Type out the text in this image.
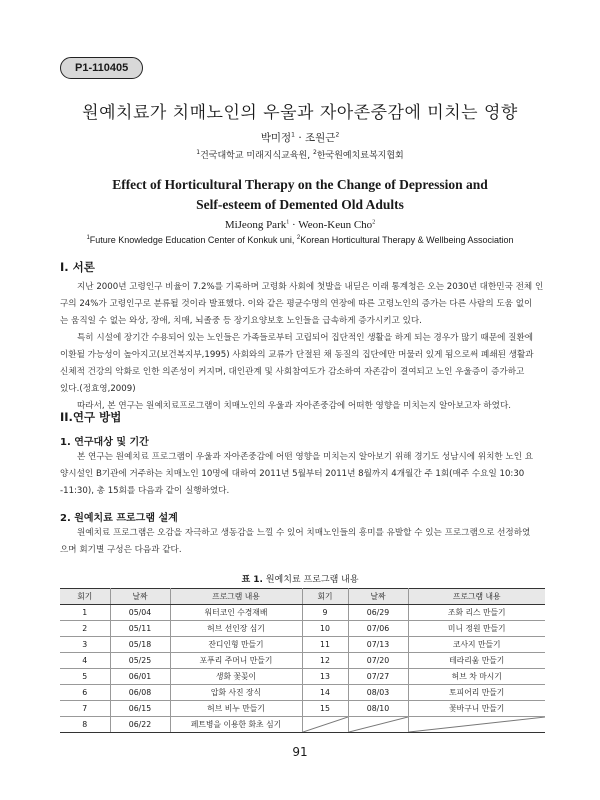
P1-110405
원예치료가 치매노인의 우울과 자아존중감에 미치는 영향
박미정$^1$ · 조원근$^2$
$^1$건국대학교 미래지식교육원, $^2$한국원예치료복지협회
Effect of Horticultural Therapy on the Change of Depression and
Self-esteem of Demented Old Adults
MiJeong Park$^1$ · Weon-Keun Cho$^2$
$^1$Future Knowledge Education Center of Konkuk uni, $^2$Korean Horticultural Therapy & Wellbeing Association
I. 서론
지난 2000년 고령인구 비율이 7.2%를 기록하며 고령화 사회에 첫발을 내딛은 이래 통계청은 오는 2030년 대한민국 전체 인
구의 24%가 고령인구로 분류될 것이라 발표했다. 이와 같은 평균수명의 연장에 따른 고령노인의 증가는 다른 사람의 도움 없이
는 움직일 수 없는 와상, 장애, 치매, 뇌졸중 등 장기요양보호 노인들을 급속하게 증가시키고 있다.
특히 시설에 장기간 수용되어 있는 노인들은 가족들로부터 고립되어 집단적인 생활을 하게 되는 경우가 많기 때문에 질환에
이환될 가능성이 높아지고(보건복지부,1995) 사회와의 교류가 단절된 채 동질의 집단에만 머물러 있게 됨으로써 폐쇄된 생활과
신체적 건강의 악화로 인한 의존성이 커지며, 대인관계 및 사회참여도가 감소하여 자존감이 결여되고 노인 우울증이 증가하고
있다.(정효영,2009)
따라서, 본 연구는 원예치료프로그램이 치매노인의 우울과 자아존중감에 어떠한 영향을 미치는지 알아보고자 하였다.
II.연구 방법
1. 연구대상 및 기간
본 연구는 원예치료 프로그램이 우울과 자아존중감에 어떤 영향을 미치는지 알아보기 위해 경기도 성남시에 위치한 노인 요
양시설인 B기관에 거주하는 치매노인 10명에 대하여 2011년 5월부터 2011년 8월까지 4개월간 주 1회(매주 수요일 10:30
-11:30), 총 15회를 다음과 같이 실행하였다.
2. 원예치료 프로그램 설계
원예치료 프로그램은 오감을 자극하고 생동감을 느낄 수 있어 치매노인들의 흥미를 유발할 수 있는 프로그램으로 선정하였
으며 회기별 구성은 다음과 같다.
표 1. 원예치료 프로그램 내용
회기	날짜	프로그램 내용	회기	날짜	프로그램 내용
1	05/04	워터코인 수경재배	9	06/29	조화 리스 만들기
2	05/11	허브 선인장 심기	10	07/06	미니 정원 만들기
3	05/18	잔디인형 만들기	11	07/13	코사지 만들기
4	05/25	포푸리 주머니 만들기	12	07/20	테라리움 만들기
5	06/01	생화 꽃꽂이	13	07/27	허브 차 마시기
6	06/08	압화 사진 장식	14	08/03	토피어리 만들기
7	06/15	허브 비누 만들기	15	08/10	꽃바구니 만들기
8	06/22	페트병을 이용한 화초 심기	

91
